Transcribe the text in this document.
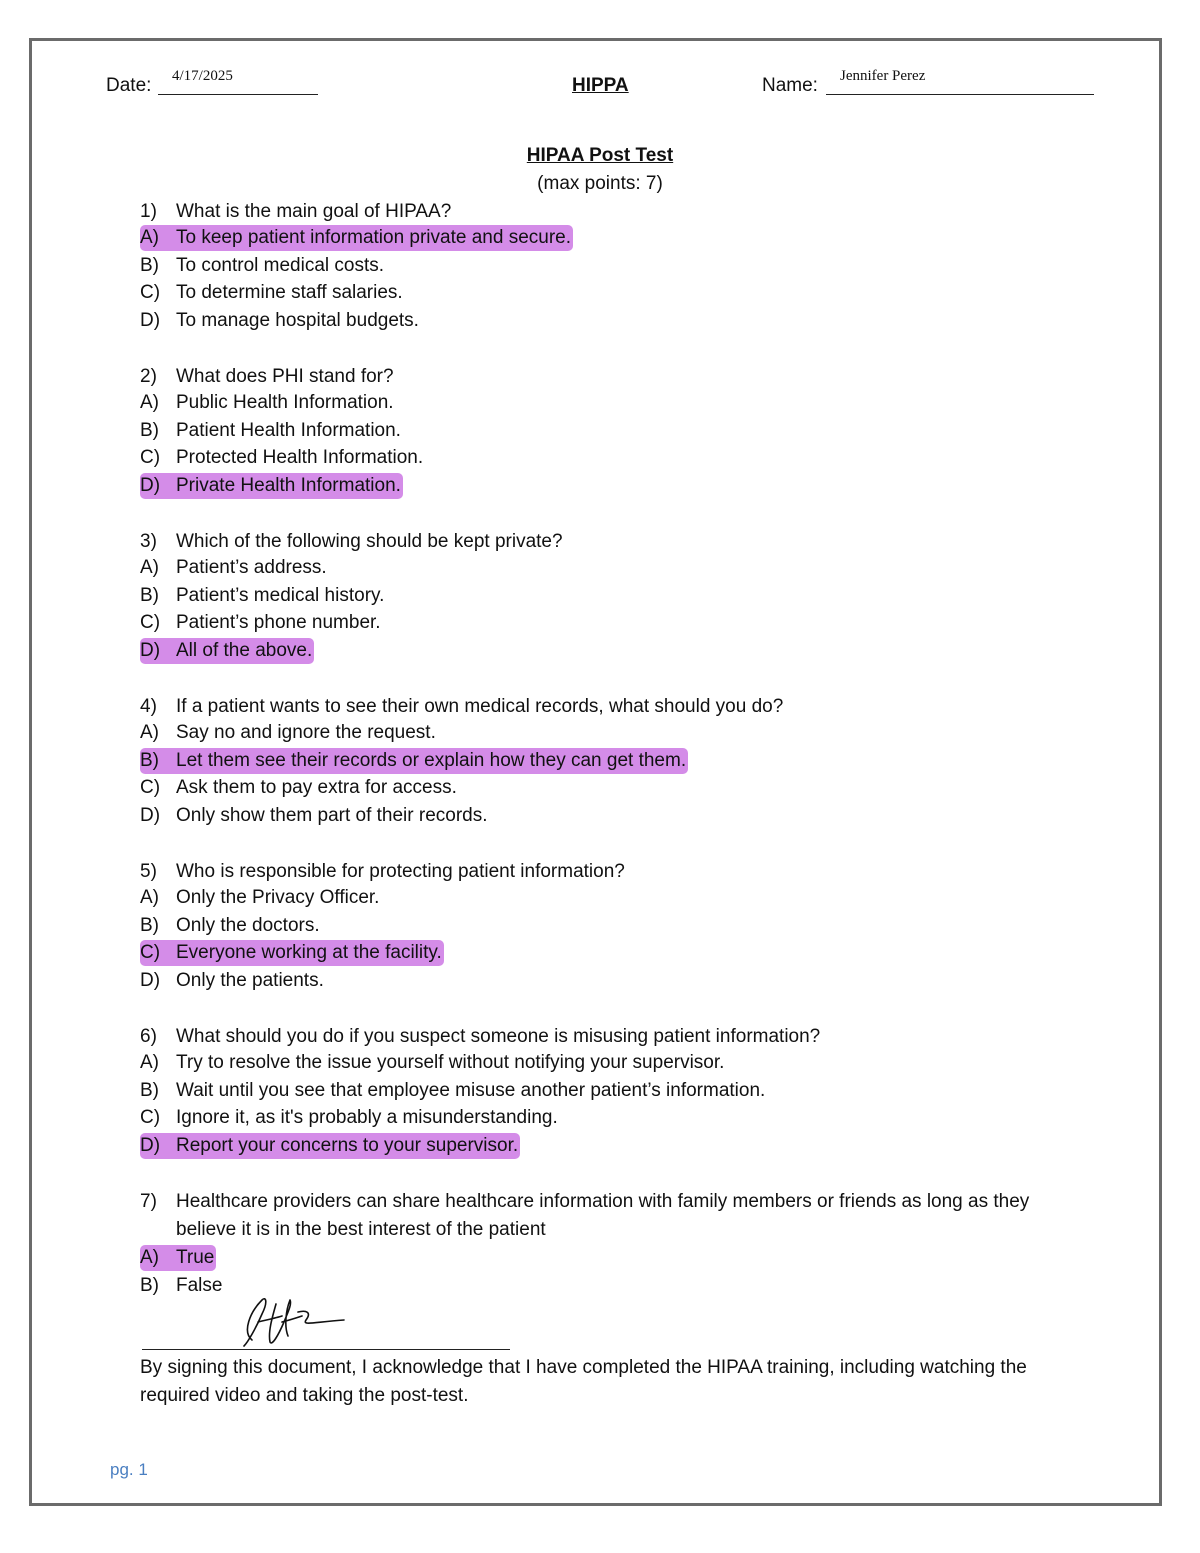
Date: 4/17/2025	HIPPA	Name: Jennifer Perez
HIPAA Post Test
(max points: 7)
1) What is the main goal of HIPAA?
A) To keep patient information private and secure.
B) To control medical costs.
C) To determine staff salaries.
D) To manage hospital budgets.
2) What does PHI stand for?
A) Public Health Information.
B) Patient Health Information.
C) Protected Health Information.
D) Private Health Information.
3) Which of the following should be kept private?
A) Patient’s address.
B) Patient’s medical history.
C) Patient’s phone number.
D) All of the above.
4) If a patient wants to see their own medical records, what should you do?
A) Say no and ignore the request.
B) Let them see their records or explain how they can get them.
C) Ask them to pay extra for access.
D) Only show them part of their records.
5) Who is responsible for protecting patient information?
A) Only the Privacy Officer.
B) Only the doctors.
C) Everyone working at the facility.
D) Only the patients.
6) What should you do if you suspect someone is misusing patient information?
A) Try to resolve the issue yourself without notifying your supervisor.
B) Wait until you see that employee misuse another patient’s information.
C) Ignore it, as it's probably a misunderstanding.
D) Report your concerns to your supervisor.
7)	Healthcare providers can share healthcare information with family members or friends as long as they believe it is in the best interest of the patient
A) True
B) False
By signing this document, I acknowledge that I have completed the HIPAA training, including watching the required video and taking the post-test.
pg. 1
